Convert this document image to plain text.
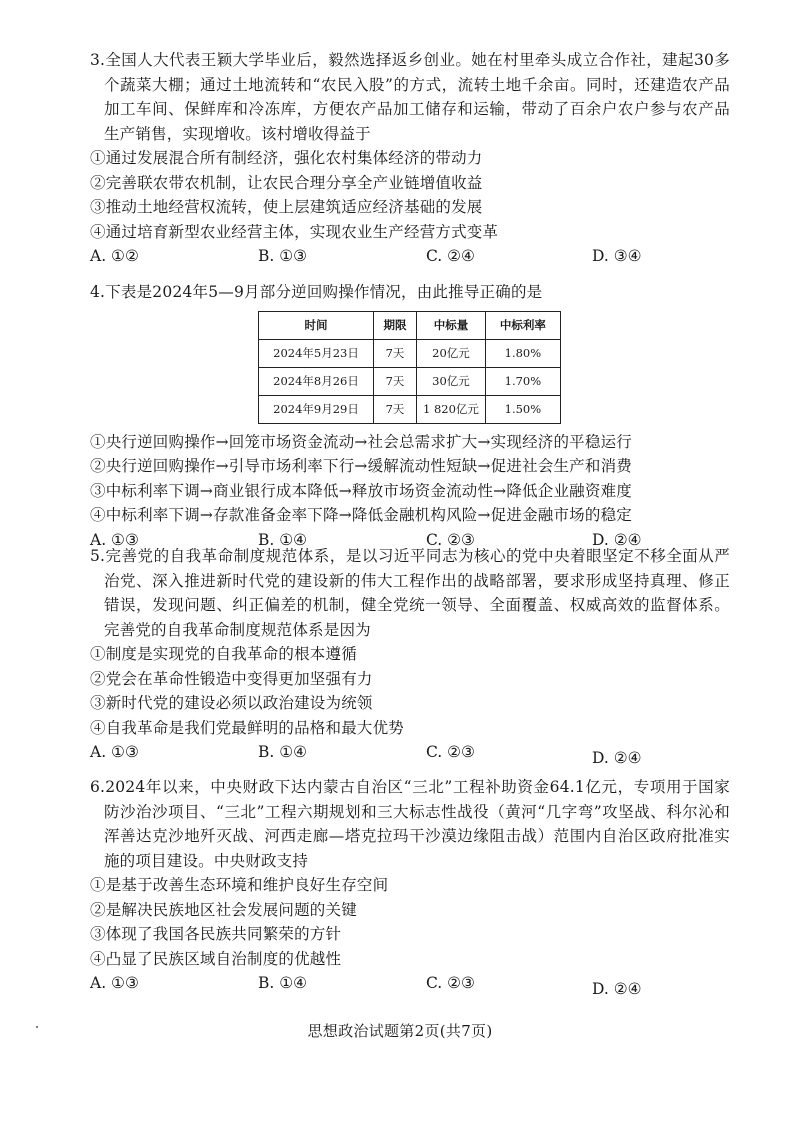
3.全国人大代表王颖大学毕业后，毅然选择返乡创业。她在村里牵头成立合作社，建起30多个蔬菜大棚；通过土地流转和“农民入股”的方式，流转土地千余亩。同时，还建造农产品加工车间、保鲜库和冷冻库，方便农产品加工储存和运输，带动了百余户农户参与农产品生产销售，实现增收。该村增收得益于

①通过发展混合所有制经济，强化农村集体经济的带动力

②完善联农带农机制，让农民合理分享全产业链增值收益

③推动土地经营权流转，使上层建筑适应经济基础的发展

④通过培育新型农业经营主体，实现农业生产经营方式变革

A. ①②	B. ①③	C. ②④	D. ③④
4.下表是2024年5—9月部分逆回购操作情况，由此推导正确的是
时间	期限	中标量	中标利率
2024年5月23日	7天	20亿元	1.80%
2024年8月26日	7天	30亿元	1.70%
2024年9月29日	7天	1 820亿元	1.50%

①央行逆回购操作→回笼市场资金流动→社会总需求扩大→实现经济的平稳运行

②央行逆回购操作→引导市场利率下行→缓解流动性短缺→促进社会生产和消费

③中标利率下调→商业银行成本降低→释放市场资金流动性→降低企业融资难度

④中标利率下调→存款准备金率下降→降低金融机构风险→促进金融市场的稳定

A. ①③	B. ①④	C. ②③	D. ②④
5.完善党的自我革命制度规范体系，是以习近平同志为核心的党中央着眼坚定不移全面从严治党、深入推进新时代党的建设新的伟大工程作出的战略部署，要求形成坚持真理、修正错误，发现问题、纠正偏差的机制，健全党统一领导、全面覆盖、权威高效的监督体系。完善党的自我革命制度规范体系是因为

①制度是实现党的自我革命的根本遵循

②党会在革命性锻造中变得更加坚强有力

③新时代党的建设必须以政治建设为统领

④自我革命是我们党最鲜明的品格和最大优势

A. ①③	B. ①④	C. ②③	D. ②④
6.2024年以来，中央财政下达内蒙古自治区“三北”工程补助资金64.1亿元，专项用于国家防沙治沙项目、“三北”工程六期规划和三大标志性战役（黄河“几字弯”攻坚战、科尔沁和浑善达克沙地歼灭战、河西走廊—塔克拉玛干沙漠边缘阻击战）范围内自治区政府批准实施的项目建设。中央财政支持

①是基于改善生态环境和维护良好生存空间

②是解决民族地区社会发展问题的关键

③体现了我国各民族共同繁荣的方针

④凸显了民族区域自治制度的优越性

A. ①③	B. ①④	C. ②③	D. ②④
思想政治试题第2页(共7页)
